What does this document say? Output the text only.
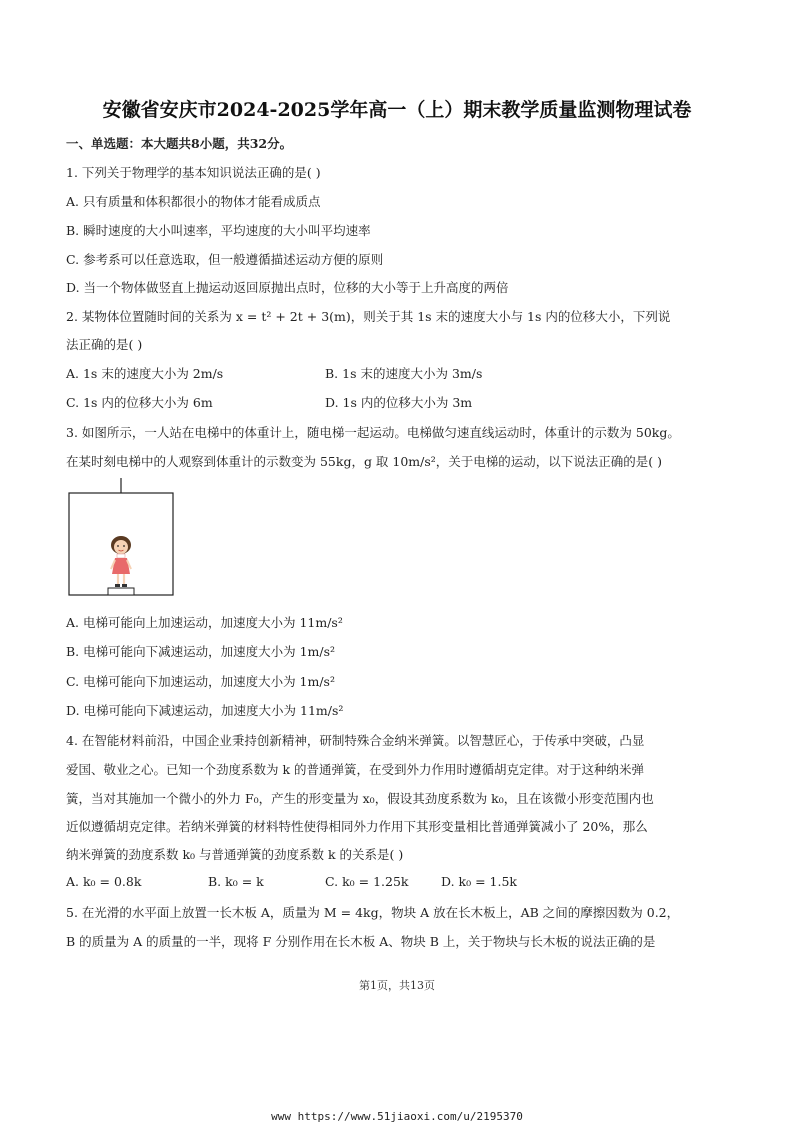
安徽省安庆市2024-2025学年高一（上）期末教学质量监测物理试卷
一、单选题：本大题共8小题，共32分。
1. 下列关于物理学的基本知识说法正确的是( )
A. 只有质量和体积都很小的物体才能看成质点
B. 瞬时速度的大小叫速率，平均速度的大小叫平均速率
C. 参考系可以任意选取，但一般遵循描述运动方便的原则
D. 当一个物体做竖直上抛运动返回原抛出点时，位移的大小等于上升高度的两倍
2. 某物体位置随时间的关系为 x = t² + 2t + 3(m)，则关于其 1s 末的速度大小与 1s 内的位移大小，下列说
法正确的是( )
A. 1s 末的速度大小为 2m/s	B. 1s 末的速度大小为 3m/s
C. 1s 内的位移大小为 6m	D. 1s 内的位移大小为 3m
3. 如图所示，一人站在电梯中的体重计上，随电梯一起运动。电梯做匀速直线运动时，体重计的示数为 50kg。
在某时刻电梯中的人观察到体重计的示数变为 55kg，g 取 10m/s²，关于电梯的运动，以下说法正确的是( )
A. 电梯可能向上加速运动，加速度大小为 11m/s²
B. 电梯可能向下减速运动，加速度大小为 1m/s²
C. 电梯可能向下加速运动，加速度大小为 1m/s²
D. 电梯可能向下减速运动，加速度大小为 11m/s²
4. 在智能材料前沿，中国企业秉持创新精神，研制特殊合金纳米弹簧。以智慧匠心，于传承中突破，凸显
爱国、敬业之心。已知一个劲度系数为 k 的普通弹簧，在受到外力作用时遵循胡克定律。对于这种纳米弹
簧，当对其施加一个微小的外力 F₀，产生的形变量为 x₀，假设其劲度系数为 k₀，且在该微小形变范围内也
近似遵循胡克定律。若纳米弹簧的材料特性使得相同外力作用下其形变量相比普通弹簧减小了 20%，那么
纳米弹簧的劲度系数 k₀ 与普通弹簧的劲度系数 k 的关系是( )
A. k₀ = 0.8k	B. k₀ = k	C. k₀ = 1.25k	D. k₀ = 1.5k
5. 在光滑的水平面上放置一长木板 A，质量为 M = 4kg，物块 A 放在长木板上，AB 之间的摩擦因数为 0.2，
B 的质量为 A 的质量的一半，现将 F 分别作用在长木板 A、物块 B 上，关于物块与长木板的说法正确的是
第1页，共13页
www https://www.51jiaoxi.com/u/2195370
